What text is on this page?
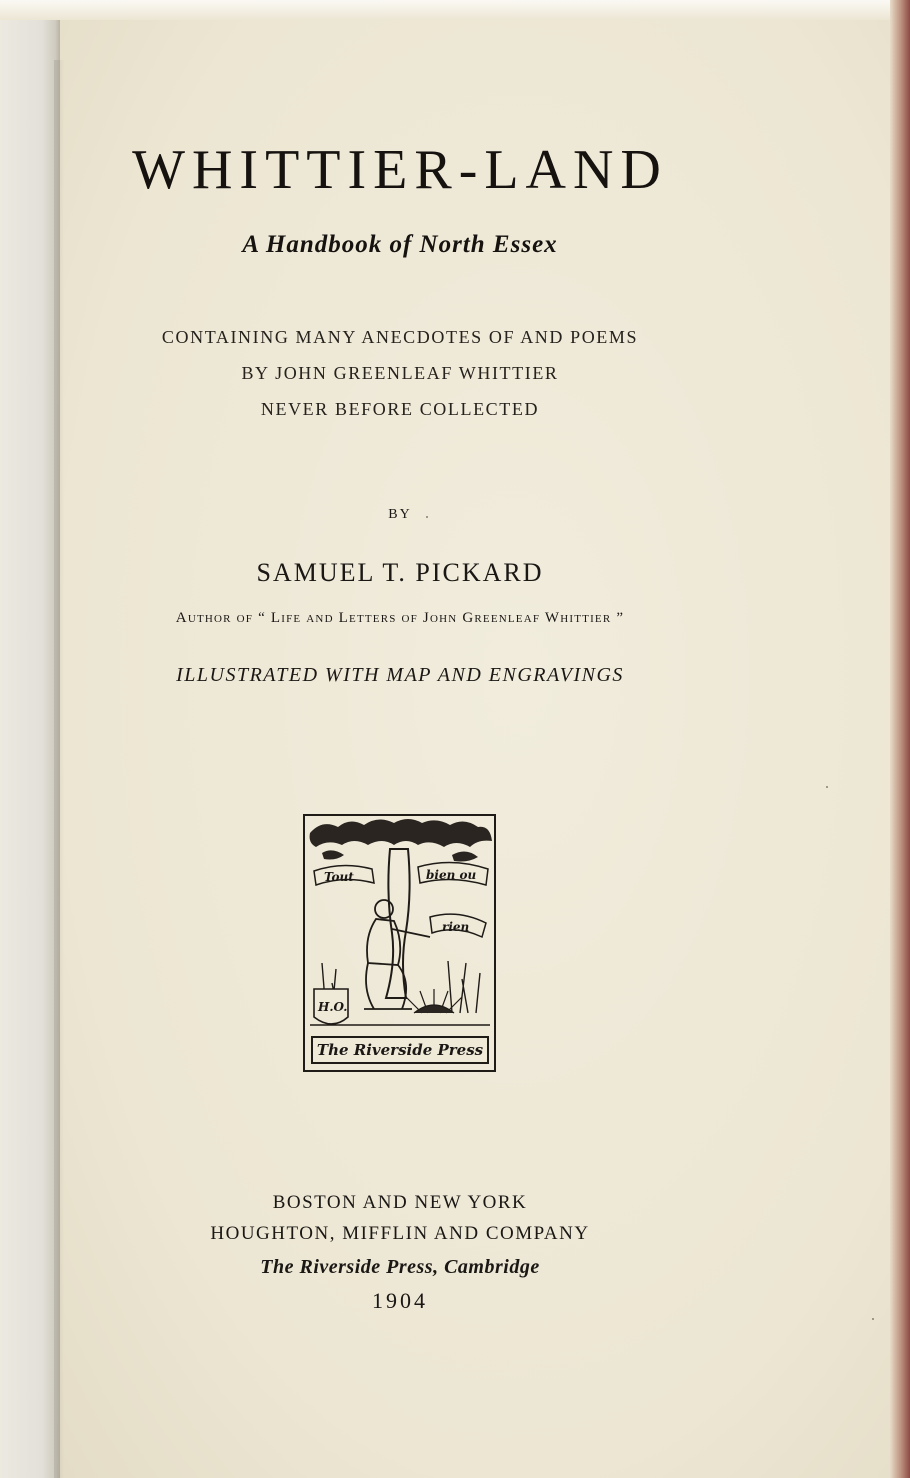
WHITTIER-LAND
A Handbook of North Essex
CONTAINING MANY ANECDOTES OF AND POEMS
BY JOHN GREENLEAF WHITTIER
NEVER BEFORE COLLECTED
BY
SAMUEL T. PICKARD
Author of “ Life and Letters of John Greenleaf Whittier ”
ILLUSTRATED WITH MAP AND ENGRAVINGS
Tout	bien ou
rien
H.O.
The Riverside Press
BOSTON AND NEW YORK
HOUGHTON, MIFFLIN AND COMPANY
The Riverside Press, Cambridge
1904
